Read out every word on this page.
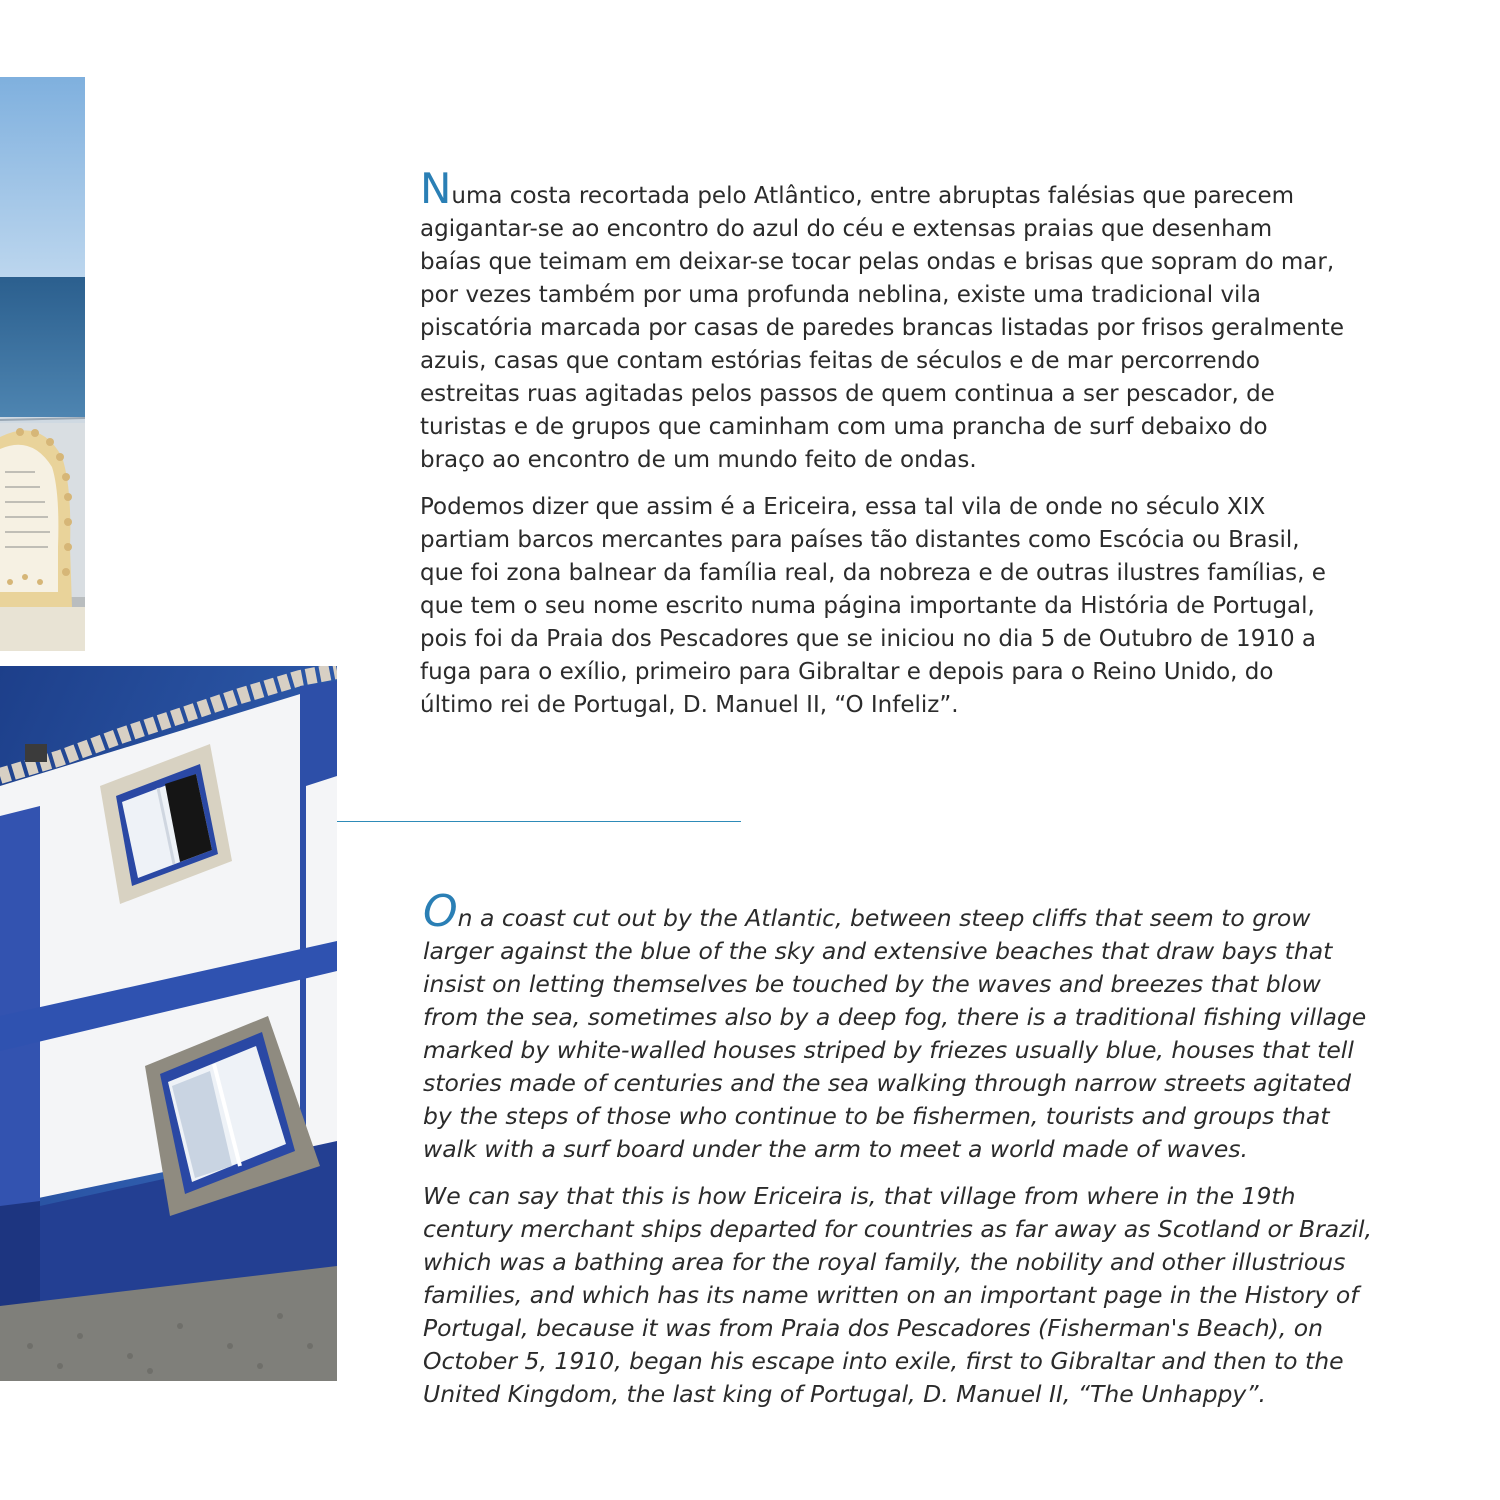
Numa costa recortada pelo Atlântico, entre abruptas falésias que parecem
agigantar-se ao encontro do azul do céu e extensas praias que desenham
baías que teimam em deixar-se tocar pelas ondas e brisas que sopram do mar,
por vezes também por uma profunda neblina, existe uma tradicional vila
piscatória marcada por casas de paredes brancas listadas por frisos geralmente
azuis, casas que contam estórias feitas de séculos e de mar percorrendo
estreitas ruas agitadas pelos passos de quem continua a ser pescador, de
turistas e de grupos que caminham com uma prancha de surf debaixo do
braço ao encontro de um mundo feito de ondas.

Podemos dizer que assim é a Ericeira, essa tal vila de onde no século XIX
partiam barcos mercantes para países tão distantes como Escócia ou Brasil,
que foi zona balnear da família real, da nobreza e de outras ilustres famílias, e
que tem o seu nome escrito numa página importante da História de Portugal,
pois foi da Praia dos Pescadores que se iniciou no dia 5 de Outubro de 1910 a
fuga para o exílio, primeiro para Gibraltar e depois para o Reino Unido, do
último rei de Portugal, D. Manuel II, “O Infeliz”.

On a coast cut out by the Atlantic, between steep cliffs that seem to grow
larger against the blue of the sky and extensive beaches that draw bays that
insist on letting themselves be touched by the waves and breezes that blow
from the sea, sometimes also by a deep fog, there is a traditional fishing village
marked by white-walled houses striped by friezes usually blue, houses that tell
stories made of centuries and the sea walking through narrow streets agitated
by the steps of those who continue to be fishermen, tourists and groups that
walk with a surf board under the arm to meet a world made of waves.

We can say that this is how Ericeira is, that village from where in the 19th
century merchant ships departed for countries as far away as Scotland or Brazil,
which was a bathing area for the royal family, the nobility and other illustrious
families, and which has its name written on an important page in the History of
Portugal, because it was from Praia dos Pescadores (Fisherman's Beach), on
October 5, 1910, began his escape into exile, first to Gibraltar and then to the
United Kingdom, the last king of Portugal, D. Manuel II, “The Unhappy”.
